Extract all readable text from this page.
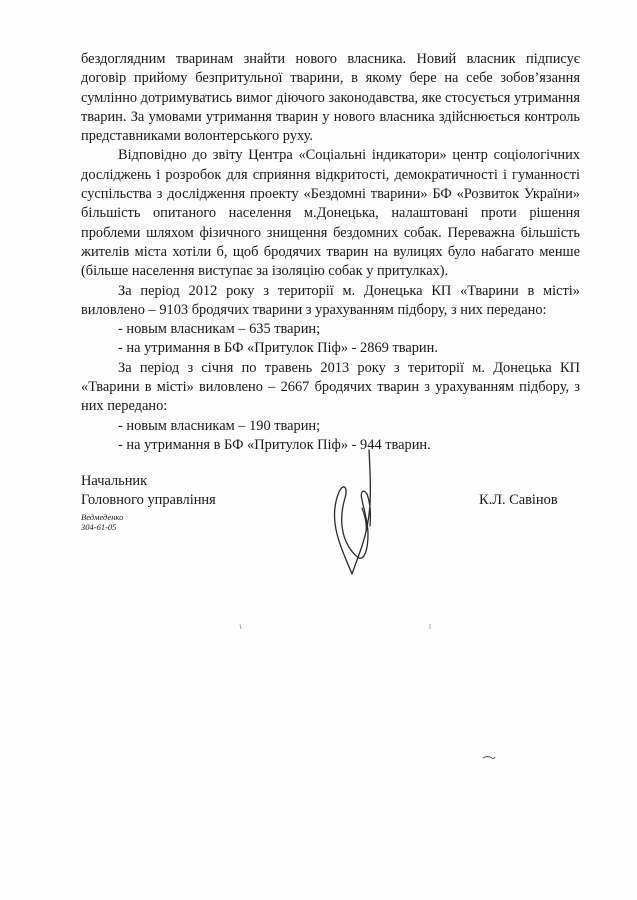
бездоглядним тваринам знайти нового власника. Новий власник підписує договір прийому безпритульної тварини, в якому бере на себе зобов’язання сумлінно дотримуватись вимог діючого законодавства, яке стосується утримання тварин. За умовами утримання тварин у нового власника здійснюється контроль представниками волонтерського руху.

Відповідно до звіту Центра «Соціальні індикатори» центр соціологічних досліджень і розробок для сприяння відкритості, демократичності і гуманності суспільства з дослідження проекту «Бездомні тварини» БФ «Розвиток України» більшість опитаного населення м.Донецька, налаштовані проти рішення проблеми шляхом фізичного знищення бездомних собак. Переважна більшість жителів міста хотіли б, щоб бродячих тварин на вулицях було набагато менше (більше населення виступає за ізоляцію собак у притулках).

За період 2012 року з території м. Донецька КП «Тварини в місті» виловлено – 9103 бродячих тварини з урахуванням підбору, з них передано:

- новым власникам – 635 тварин;

- на утримання в БФ «Притулок Піф» - 2869 тварин.

За період з січня по травень 2013 року з території м. Донецька КП «Тварини в місті» виловлено – 2667 бродячих тварин з урахуванням підбору, з них передано:

- новым власникам – 190 тварин;

- на утримання в БФ «Притулок Піф» - 944 тварин.

Начальник
Головного управління
Ведмеденко
304-61-05
К.Л. Савінов
